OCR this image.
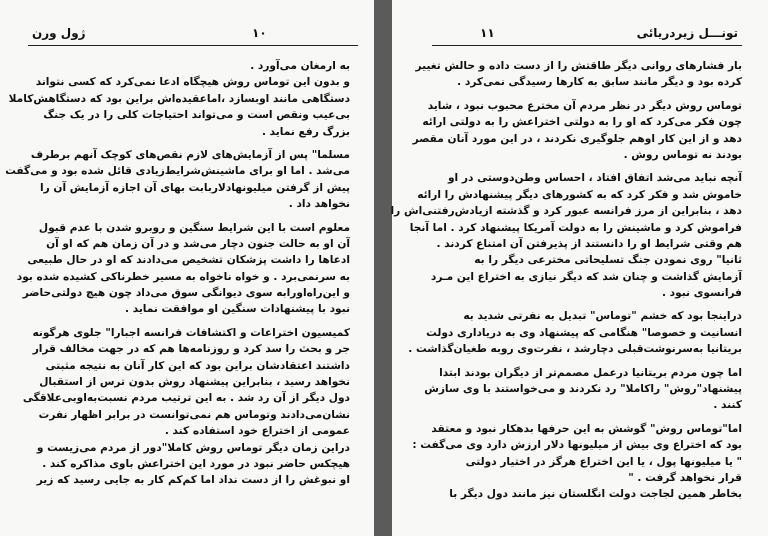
۱۰
ژول ورن
به ارمغان می‌آورد .
و بدون این توماس روش هیچگاه ادعا نمی‌کرد که کسی نتواند
دستگاهی مانند اوبسازد ،اماعقیده‌اش براین بود که دستگاهش‌کاملا
بی‌عیب ونقص است و می‌تواند احتیاجات کلی را در یک جنگ
بزرگ رفع نماید .
مسلما" پس از آزمایش‌های لازم نقص‌های کوچک آنهم برطرف
می‌شد . اما او برای ماشینش‌شرایط‌زیادی قائل شده بود و می‌گفت
پیش از گرفتن میلیونهادلاربابت بهای آن اجازه آزمایش آن را
نخواهد داد .
معلوم است با این شرایط سنگین و روبرو شدن با عدم قبول
آن او به حالت جنون دچار می‌شد و در آن زمان هم که او آن
ادعاها را داشت پزشکان تشخیص می‌دادند که او در حال طبیعی
به سرنمی‌برد . و خواه ناخواه به مسیر خطرناکی کشیده شده بود
و این‌راه‌اورابه سوی دیوانگی سوق می‌داد چون هیچ دولتی‌حاضر
نبود با پیشنهادات سنگین او موافقت نماید .
کمیسیون اختراعات و اکتشافات فرانسه اجبارا" جلوی هرگونه
جر و بحث را سد کرد و روزنامه‌ها هم که در جهت مخالف قرار
داشتند اعتقادشان براین بود که این کار آنان به نتیجه مثبتی
نخواهد رسید ، بنابراین پیشنهاد روش بدون ترس از استقبال
دول دیگر از آن رد شد . به این ترتیب مردم نسبت‌به‌اوبی‌علاقگی
نشان‌می‌دادند وتوماس هم نمی‌توانست در برابر اظهار نفرت
عمومی از اختراع خود استفاده کند .
دراین زمان دیگر توماس روش کاملا"دور از مردم می‌زیست و
هیچکس حاضر نبود در مورد این اختراعش باوی مذاکره کند .
او نبوغش را از دست نداد اما کم‌کم کار به جایی رسید که زیر
۱۱	تونـــل زیردریائی
بار فشارهای روانی دیگر طاقتش را از دست داده و حالش تغییر
کرده بود و دیگر مانند سابق به کارها رسیدگی نمی‌کرد .
توماس روش دیگر در نظر مردم آن مخترع محبوب نبود ، شاید
چون فکر می‌کرد که او را به دولتی اختراعش را به دولتی ارائه
دهد و از این کار اوهم جلوگیری نکردند ، در این مورد آنان مقصر
بودند نه توماس روش .
آنچه نباید می‌شد اتفاق افتاد ، احساس وطن‌دوستی در او
خاموش شد و فکر کرد که به کشورهای دیگر پیشنهادش را ارائه
دهد ، بنابراین از مرز فرانسه عبور کرد و گذشته ازیادش‌رفتنی‌اش را
فراموش کرد و ماشینش را به دولت آمریکا پیشنهاد کرد . اما آنجا
هم وقتی شرایط او را دانستند از پذیرفتن آن امتناع کردند .
ثانیا" روی نمودن جنگ تسلیحاتی مخترعی دیگر را به
آزمایش گذاشت و چنان شد که دیگر نیازی به اختراع این مـرد
فرانسوی نبود .
دراینجا بود که خشم "توماس" تبدیل به نفرتی شدید به
انسانیت و خصوصا" هنگامی که پیشنهاد وی به دریاداری دولت
بریتانیا به‌سرنوشت‌قبلی دچارشد ، نفرت‌وی روبه طغیان‌گذاشت .
اما چون مردم بریتانیا درعمل مصمم‌تر از دیگران بودند ابتدا
پیشنهاد"روش" راکاملا" رد نکردند و می‌خواستند با وی سازش
کنند .
اما"توماس روش" گوشش به این حرفها بدهکار نبود و معتقد
بود که اختراع وی بیش از میلیونها دلار ارزش دارد وی می‌گفت :
" یا میلیونها پول ، یا این اختراع هرگز در اختیار دولتی
قرار نخواهد گرفت . "
بخاطر همین لجاجت دولت انگلستان نیز مانند دول دیگر با
